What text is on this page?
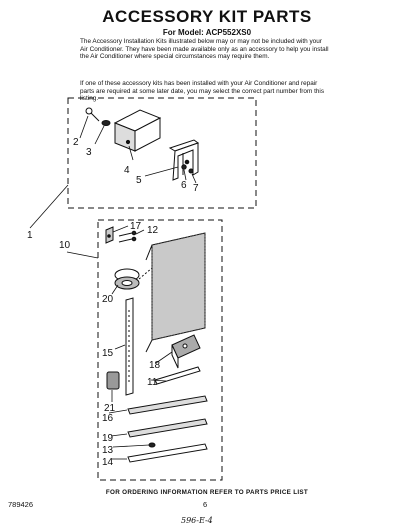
ACCESSORY KIT PARTS
For Model: ACP552XS0

The Accessory Installation Kits illustrated below may or may not be included with your Air Conditioner. They have been made available only as an accessory to help you install the Air Conditioner where special circumstances may require them.

If one of these accessory kits has been installed with your Air Conditioner and repair parts are required at some later date, you may select the correct part number from this listing.

2
3
4
5	6 7
1
10
17 12
20
15
18
11
21
16
19
13
14
FOR ORDERING INFORMATION REFER TO PARTS PRICE LIST
789426	6
596-E-4
